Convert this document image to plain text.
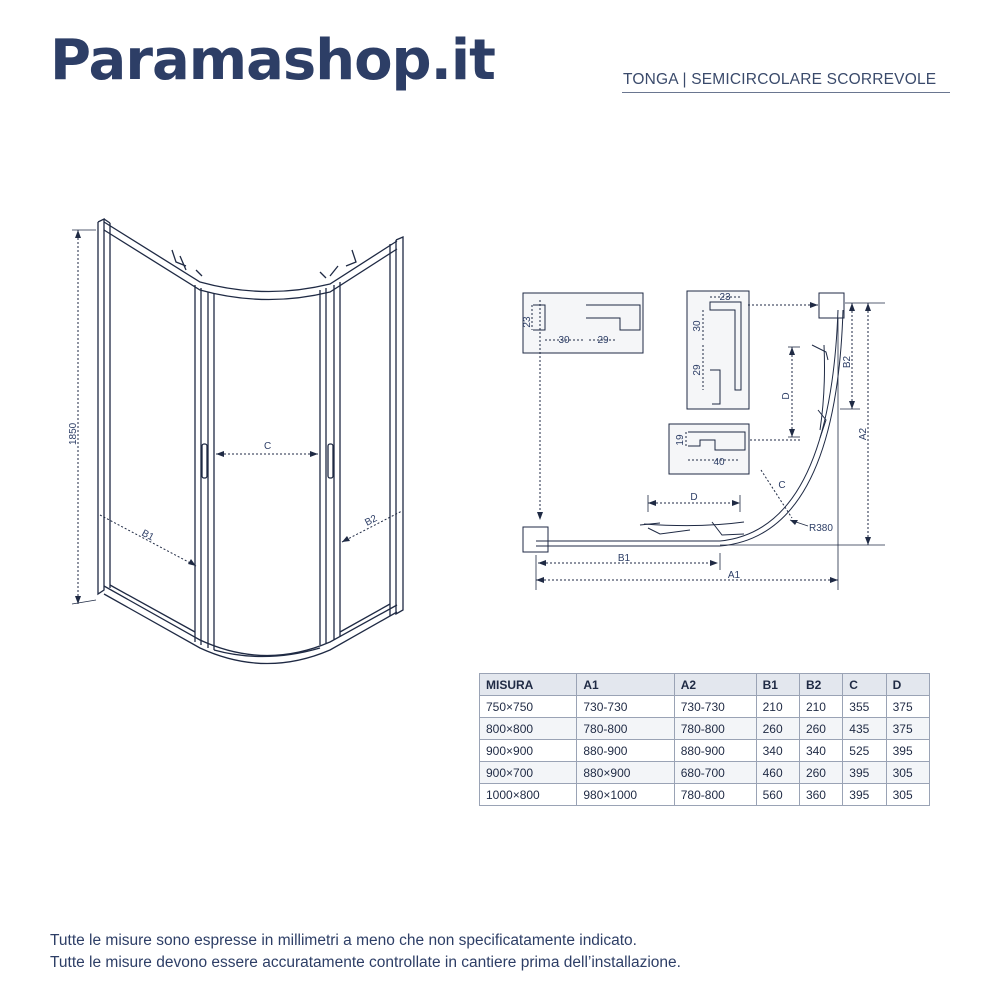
Paramashop.it	TONGA | SEMICIRCOLARE SCORREVOLE
1850
C
B1
B2
23
30	29
23
30
29
19
40
D
D
C
R380
B1
A1
B2
A2
MISURA	A1	A2	B1	B2	C	D
750×750	730-730	730-730	210	210	355	375
800×800	780-800	780-800	260	260	435	375
900×900	880-900	880-900	340	340	525	395
900×700	880×900	680-700	460	260	395	305
1000×800	980×1000	780-800	560	360	395	305
Tutte le misure sono espresse in millimetri a meno che non specificatamente indicato.
Tutte le misure devono essere accuratamente controllate in cantiere prima dell’installazione.
